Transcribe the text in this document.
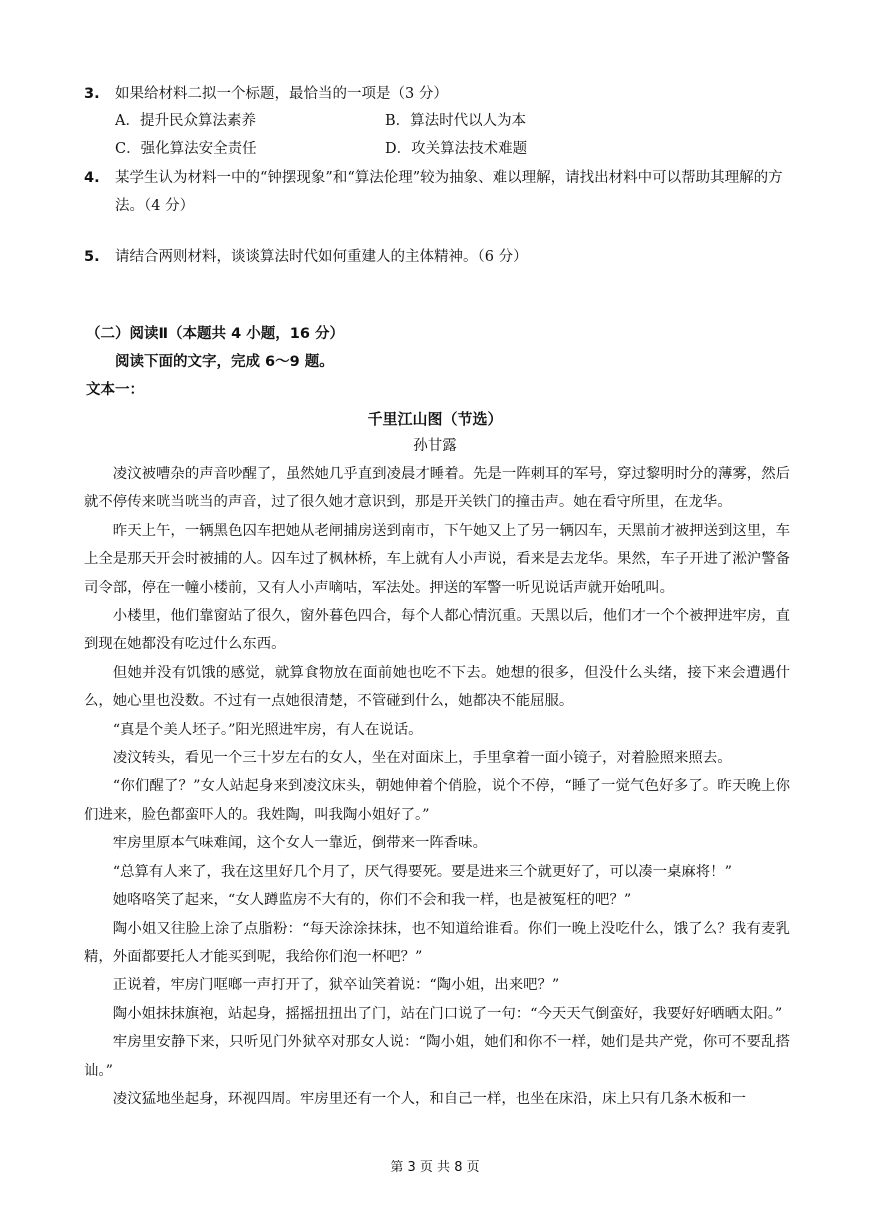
3. 如果给材料二拟一个标题，最恰当的一项是（3 分）
A．提升民众算法素养	B．算法时代以人为本
C．强化算法安全责任	D．攻关算法技术难题
4. 某学生认为材料一中的“钟摆现象”和“算法伦理”较为抽象、难以理解，请找出材料中可以帮助其理解的方法。（4 分）
5. 请结合两则材料，谈谈算法时代如何重建人的主体精神。（6 分）
（二）阅读Ⅱ（本题共 4 小题，16 分）
阅读下面的文字，完成 6～9 题。
文本一：
千里江山图（节选）
孙甘露

凌汶被嘈杂的声音吵醒了，虽然她几乎直到凌晨才睡着。先是一阵刺耳的军号，穿过黎明时分的薄雾，然后就不停传来咣当咣当的声音，过了很久她才意识到，那是开关铁门的撞击声。她在看守所里，在龙华。

昨天上午，一辆黑色囚车把她从老闸捕房送到南市，下午她又上了另一辆囚车，天黑前才被押送到这里，车上全是那天开会时被捕的人。囚车过了枫林桥，车上就有人小声说，看来是去龙华。果然，车子开进了淞沪警备司令部，停在一幢小楼前，又有人小声嘀咕，军法处。押送的军警一听见说话声就开始吼叫。

小楼里，他们靠窗站了很久，窗外暮色四合，每个人都心情沉重。天黑以后，他们才一个个被押进牢房，直到现在她都没有吃过什么东西。

但她并没有饥饿的感觉，就算食物放在面前她也吃不下去。她想的很多，但没什么头绪，接下来会遭遇什么，她心里也没数。不过有一点她很清楚，不管碰到什么，她都决不能屈服。

“真是个美人坯子。”阳光照进牢房，有人在说话。

凌汶转头，看见一个三十岁左右的女人，坐在对面床上，手里拿着一面小镜子，对着脸照来照去。

“你们醒了？”女人站起身来到凌汶床头，朝她伸着个俏脸，说个不停，“睡了一觉气色好多了。昨天晚上你们进来，脸色都蛮吓人的。我姓陶，叫我陶小姐好了。”

牢房里原本气味难闻，这个女人一靠近，倒带来一阵香味。

“总算有人来了，我在这里好几个月了，厌气得要死。要是进来三个就更好了，可以凑一桌麻将！”

她咯咯笑了起来，“女人蹲监房不大有的，你们不会和我一样，也是被冤枉的吧？”

陶小姐又往脸上涂了点脂粉：“每天涂涂抹抹，也不知道给谁看。你们一晚上没吃什么，饿了么？我有麦乳精，外面都要托人才能买到呢，我给你们泡一杯吧？”

正说着，牢房门哐啷一声打开了，狱卒讪笑着说：“陶小姐，出来吧？”

陶小姐抹抹旗袍，站起身，摇摇扭扭出了门，站在门口说了一句：“今天天气倒蛮好，我要好好晒晒太阳。”

牢房里安静下来，只听见门外狱卒对那女人说：“陶小姐，她们和你不一样，她们是共产党，你可不要乱搭讪。”

凌汶猛地坐起身，环视四周。牢房里还有一个人，和自己一样，也坐在床沿，床上只有几条木板和一

第 3 页 共 8 页
